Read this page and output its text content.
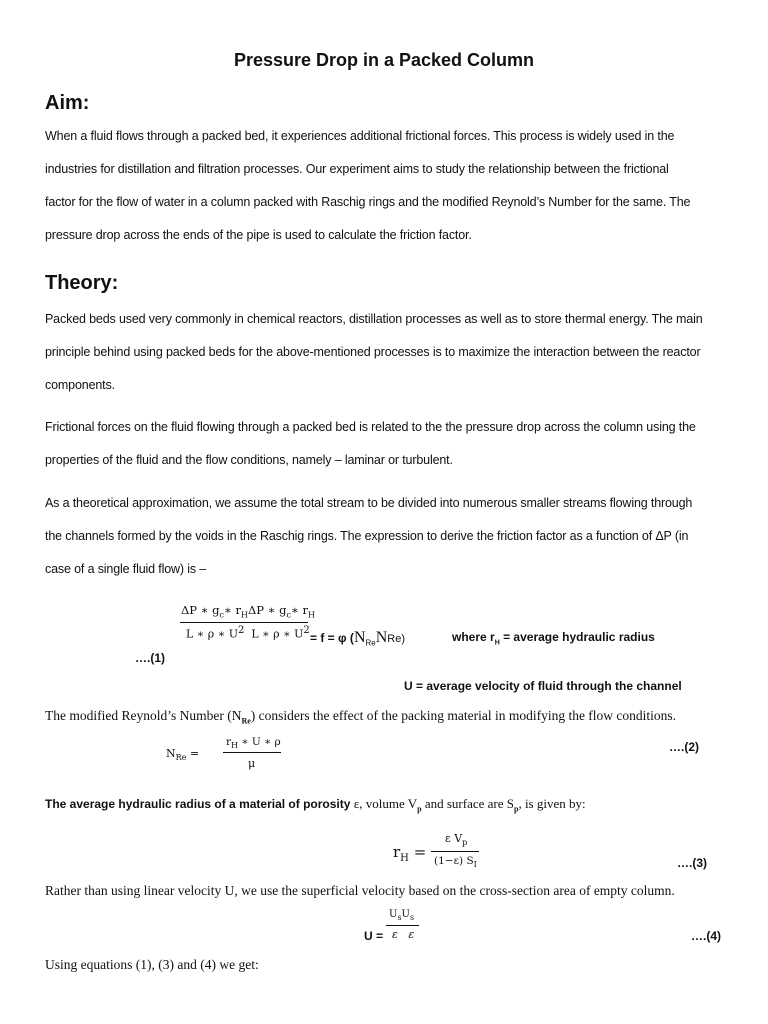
Pressure Drop in a Packed Column
Aim:
When a fluid flows through a packed bed, it experiences additional frictional forces. This process is widely used in the
industries for distillation and filtration processes. Our experiment aims to study the relationship between the frictional
factor for the flow of water in a column packed with Raschig rings and the modified Reynold’s Number for the same. The
pressure drop across the ends of the pipe is used to calculate the friction factor.
Theory:
Packed beds used very commonly in chemical reactors, distillation processes as well as to store thermal energy. The main
principle behind using packed beds for the above-mentioned processes is to maximize the interaction between the reactor
components.
Frictional forces on the fluid flowing through a packed bed is related to the the pressure drop across the column using the
properties of the fluid and the flow conditions, namely – laminar or turbulent.
As a theoretical approximation, we assume the total stream to be divided into numerous smaller streams flowing through
the channels formed by the voids in the Raschig rings. The expression to derive the friction factor as a function of ΔP (in
case of a single fluid flow) is –
ΔP ∗ $g_c∗$ $r_H\Delta P$ ∗ $g_c∗$ $r_H$
L ∗ ρ ∗ $U^2$ L ∗ ρ ∗ $U^2$
= f = φ $(N_{Re}NRe)$	where $r_H$ = average hydraulic radius
….(1)
U = average velocity of fluid through the channel
The modified Reynold’s Number $(N_{Re})$ considers the effect of the packing material in modifying the flow conditions.
$N_{Re}$ =
$r_H$ ∗ U ∗ ρ
μ
….(2)
The average hydraulic radius of a material of porosity ε, volume $V_p$ and surface are $S_p$, is given by:
$r_H$ =
ε $V_p$
(1−ε) $S_I$	….(3)
Rather than using linear velocity U, we use the superficial velocity based on the cross-section area of empty column.
$U_sU_s$
U = ε   ε	….(4)
Using equations (1), (3) and (4) we get:
